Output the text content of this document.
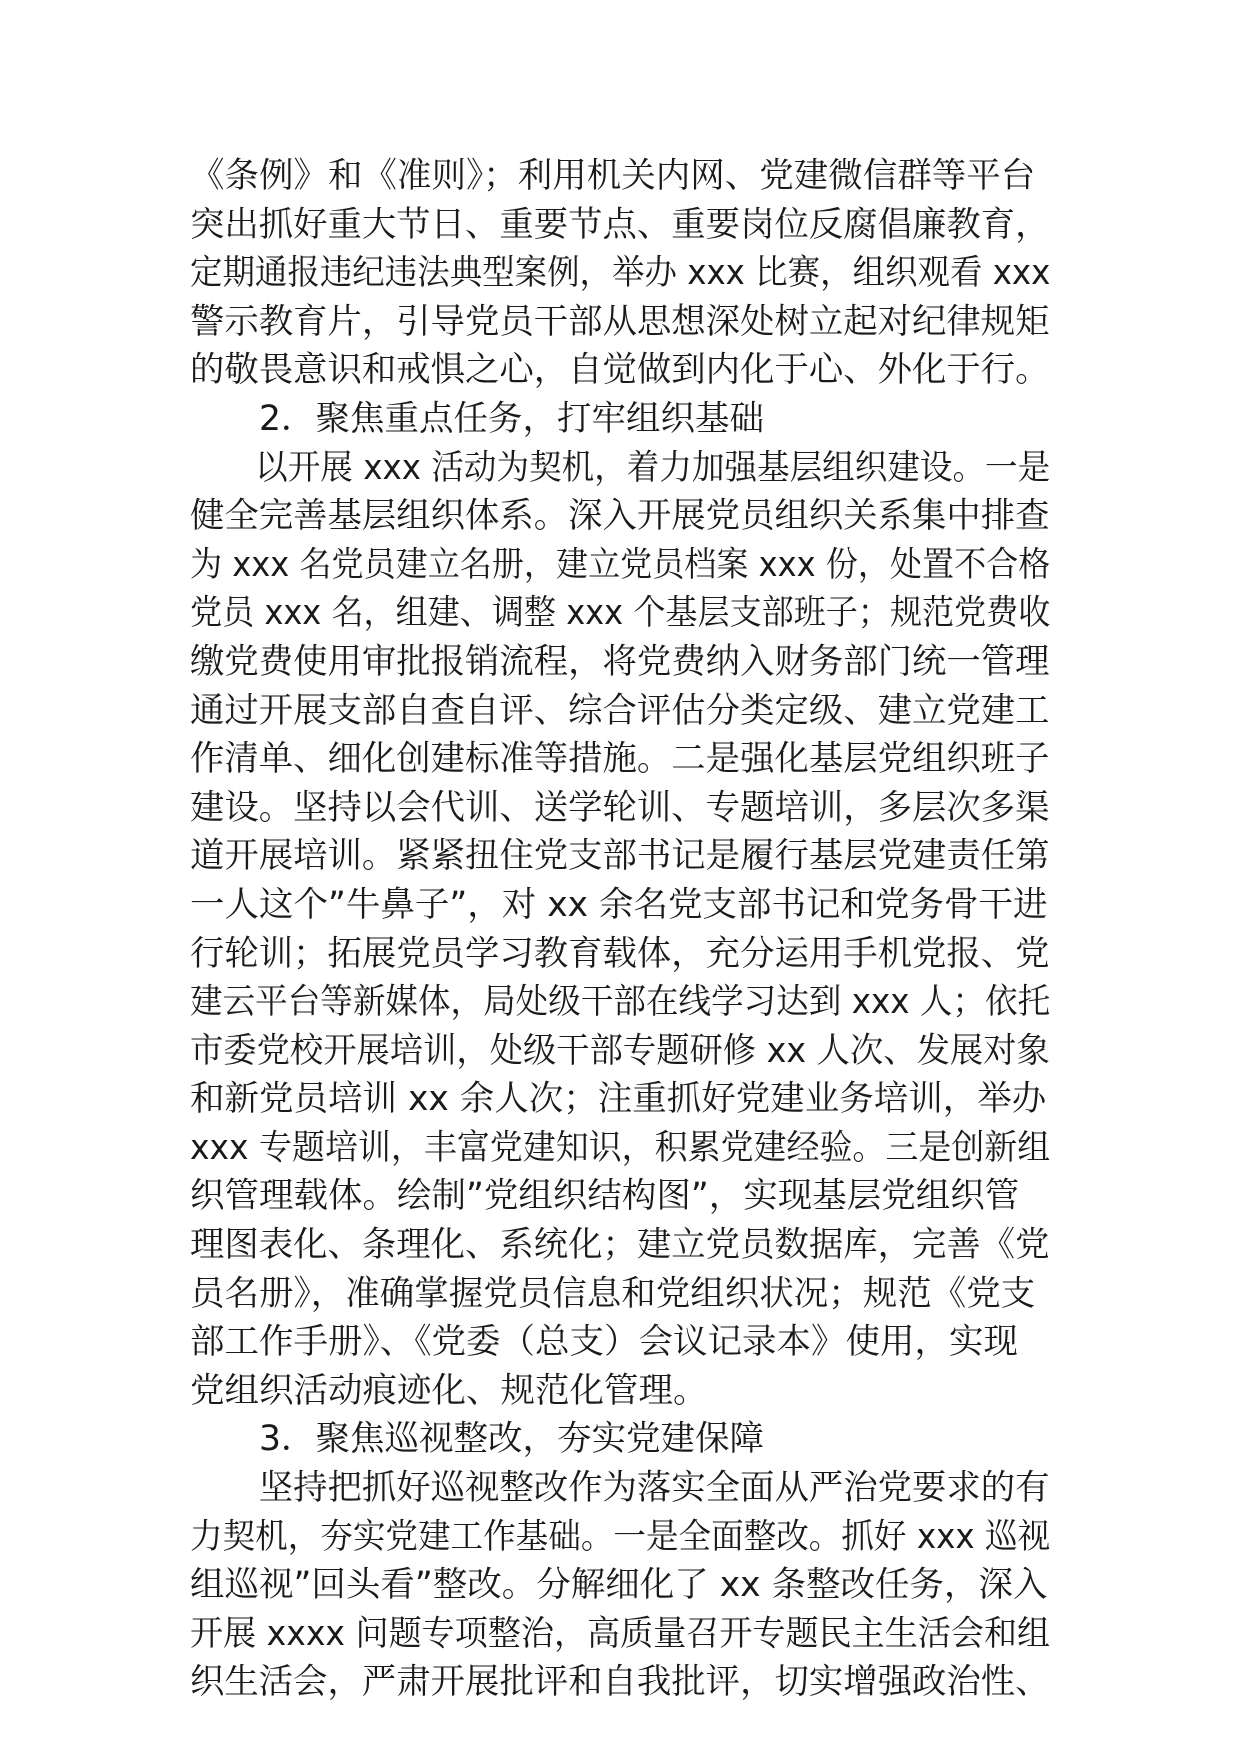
《条例》和《准则》；利用机关内网、党建微信群等平台
突出抓好重大节日、重要节点、重要岗位反腐倡廉教育，
定期通报违纪违法典型案例，举办 xxx 比赛，组织观看 xxx
警示教育片，引导党员干部从思想深处树立起对纪律规矩
的敬畏意识和戒惧之心，自觉做到内化于心、外化于行。
2．聚焦重点任务，打牢组织基础
以开展 xxx 活动为契机，着力加强基层组织建设。一是
健全完善基层组织体系。深入开展党员组织关系集中排查
为 xxx 名党员建立名册，建立党员档案 xxx 份，处置不合格
党员 xxx 名，组建、调整 xxx 个基层支部班子；规范党费收
缴党费使用审批报销流程，将党费纳入财务部门统一管理
通过开展支部自查自评、综合评估分类定级、建立党建工
作清单、细化创建标准等措施。二是强化基层党组织班子
建设。坚持以会代训、送学轮训、专题培训，多层次多渠
道开展培训。紧紧扭住党支部书记是履行基层党建责任第
一人这个”牛鼻子”，对 xx 余名党支部书记和党务骨干进
行轮训；拓展党员学习教育载体，充分运用手机党报、党
建云平台等新媒体，局处级干部在线学习达到 xxx 人；依托
市委党校开展培训，处级干部专题研修 xx 人次、发展对象
和新党员培训 xx 余人次；注重抓好党建业务培训，举办
xxx 专题培训，丰富党建知识，积累党建经验。三是创新组
织管理载体。绘制”党组织结构图”，实现基层党组织管
理图表化、条理化、系统化；建立党员数据库，完善《党
员名册》，准确掌握党员信息和党组织状况；规范《党支
部工作手册》、《党委（总支）会议记录本》使用，实现
党组织活动痕迹化、规范化管理。
3．聚焦巡视整改，夯实党建保障
坚持把抓好巡视整改作为落实全面从严治党要求的有
力契机，夯实党建工作基础。一是全面整改。抓好 xxx 巡视
组巡视”回头看”整改。分解细化了 xx 条整改任务，深入
开展 xxxx 问题专项整治，高质量召开专题民主生活会和组
织生活会，严肃开展批评和自我批评，切实增强政治性、
